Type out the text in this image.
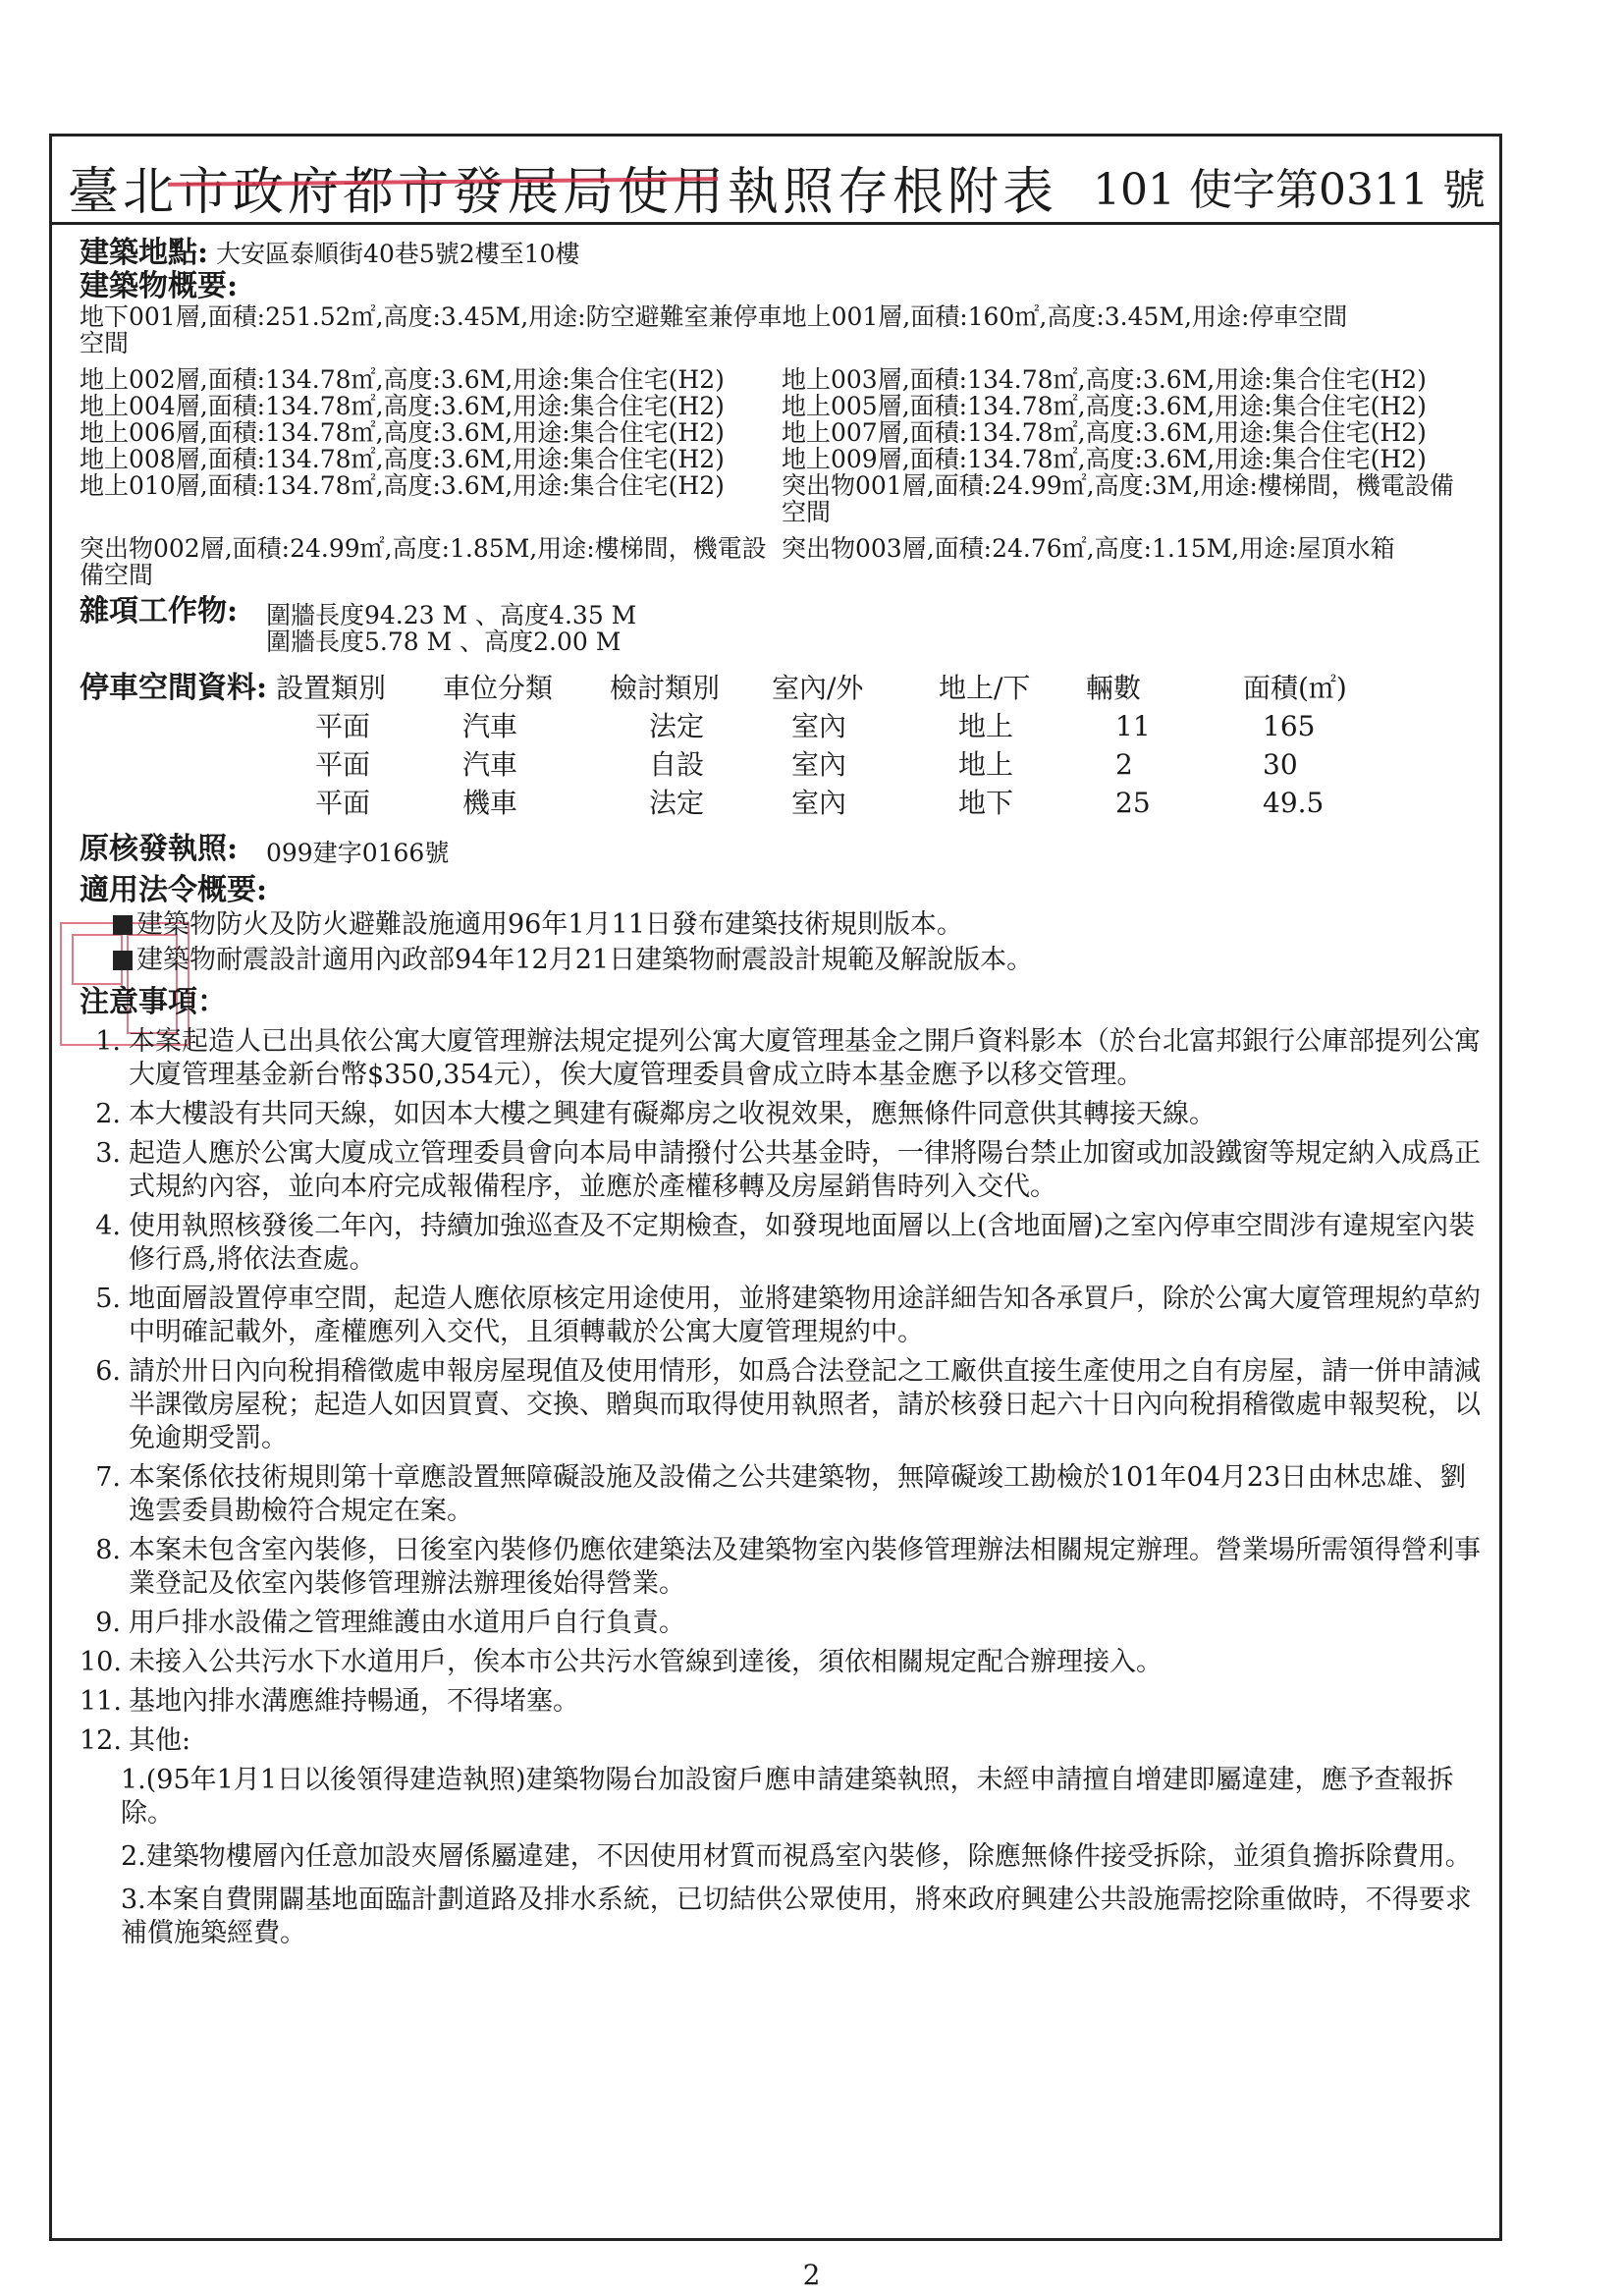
臺北市政府都市發展局使用執照存根附表 101 使字第0311 號
建築地點: 大安區泰順街40巷5號2樓至10樓
建築物概要:
地下001層,面積:251.52㎡,高度:3.45M,用途:防空避難室兼停車地上001層,面積:160㎡,高度:3.45M,用途:停車空間
空間
地上002層,面積:134.78㎡,高度:3.6M,用途:集合住宅(H2)	地上003層,面積:134.78㎡,高度:3.6M,用途:集合住宅(H2)
地上004層,面積:134.78㎡,高度:3.6M,用途:集合住宅(H2)	地上005層,面積:134.78㎡,高度:3.6M,用途:集合住宅(H2)
地上006層,面積:134.78㎡,高度:3.6M,用途:集合住宅(H2)	地上007層,面積:134.78㎡,高度:3.6M,用途:集合住宅(H2)
地上008層,面積:134.78㎡,高度:3.6M,用途:集合住宅(H2)	地上009層,面積:134.78㎡,高度:3.6M,用途:集合住宅(H2)
地上010層,面積:134.78㎡,高度:3.6M,用途:集合住宅(H2)	突出物001層,面積:24.99㎡,高度:3M,用途:樓梯間，機電設備
空間
突出物002層,面積:24.99㎡,高度:1.85M,用途:樓梯間，機電設 突出物003層,面積:24.76㎡,高度:1.15M,用途:屋頂水箱
備空間
雜項工作物:	圍牆長度94.23 M 、高度4.35 M
圍牆長度5.78 M 、高度2.00 M
停車空間資料: 設置類別	車位分類	檢討類別	室內/外	地上/下	輛數	面積(㎡)
平面	汽車	法定	室內	地上	11	165
平面	汽車	自設	室內	地上	2	30
平面	機車	法定	室內	地下	25	49.5
原核發執照:	099建字0166號
適用法令概要:
建築物防火及防火避難設施適用96年1月11日發布建築技術規則版本。
建築物耐震設計適用內政部94年12月21日建築物耐震設計規範及解說版本。
注意事項：
1. 本案起造人已出具依公寓大廈管理辦法規定提列公寓大廈管理基金之開戶資料影本（於台北富邦銀行公庫部提列公寓大廈管理基金新台幣$350,354元），俟大廈管理委員會成立時本基金應予以移交管理。
2. 本大樓設有共同天線，如因本大樓之興建有礙鄰房之收視效果，應無條件同意供其轉接天線。
3. 起造人應於公寓大廈成立管理委員會向本局申請撥付公共基金時，一律將陽台禁止加窗或加設鐵窗等規定納入成爲正式規約內容，並向本府完成報備程序，並應於產權移轉及房屋銷售時列入交代。
4. 使用執照核發後二年內，持續加強巡查及不定期檢查，如發現地面層以上(含地面層)之室內停車空間涉有違規室內裝修行爲,將依法查處。
5. 地面層設置停車空間，起造人應依原核定用途使用，並將建築物用途詳細告知各承買戶，除於公寓大廈管理規約草約中明確記載外，產權應列入交代，且須轉載於公寓大廈管理規約中。
6. 請於卅日內向稅捐稽徵處申報房屋現值及使用情形，如爲合法登記之工廠供直接生產使用之自有房屋，請一併申請減半課徵房屋稅；起造人如因買賣、交換、贈與而取得使用執照者，請於核發日起六十日內向稅捐稽徵處申報契稅，以免逾期受罰。
7. 本案係依技術規則第十章應設置無障礙設施及設備之公共建築物，無障礙竣工勘檢於101年04月23日由林忠雄、劉逸雲委員勘檢符合規定在案。
8. 本案未包含室內裝修，日後室內裝修仍應依建築法及建築物室內裝修管理辦法相關規定辦理。營業場所需領得營利事業登記及依室內裝修管理辦法辦理後始得營業。
9. 用戶排水設備之管理維護由水道用戶自行負責。
10. 未接入公共污水下水道用戶，俟本市公共污水管線到達後，須依相關規定配合辦理接入。
11. 基地內排水溝應維持暢通，不得堵塞。
12. 其他:
1.(95年1月1日以後領得建造執照)建築物陽台加設窗戶應申請建築執照，未經申請擅自增建即屬違建，應予查報拆除。
2.建築物樓層內任意加設夾層係屬違建，不因使用材質而視爲室內裝修，除應無條件接受拆除，並須負擔拆除費用。
3.本案自費開闢基地面臨計劃道路及排水系統，已切結供公眾使用，將來政府興建公共設施需挖除重做時，不得要求補償施築經費。
2
